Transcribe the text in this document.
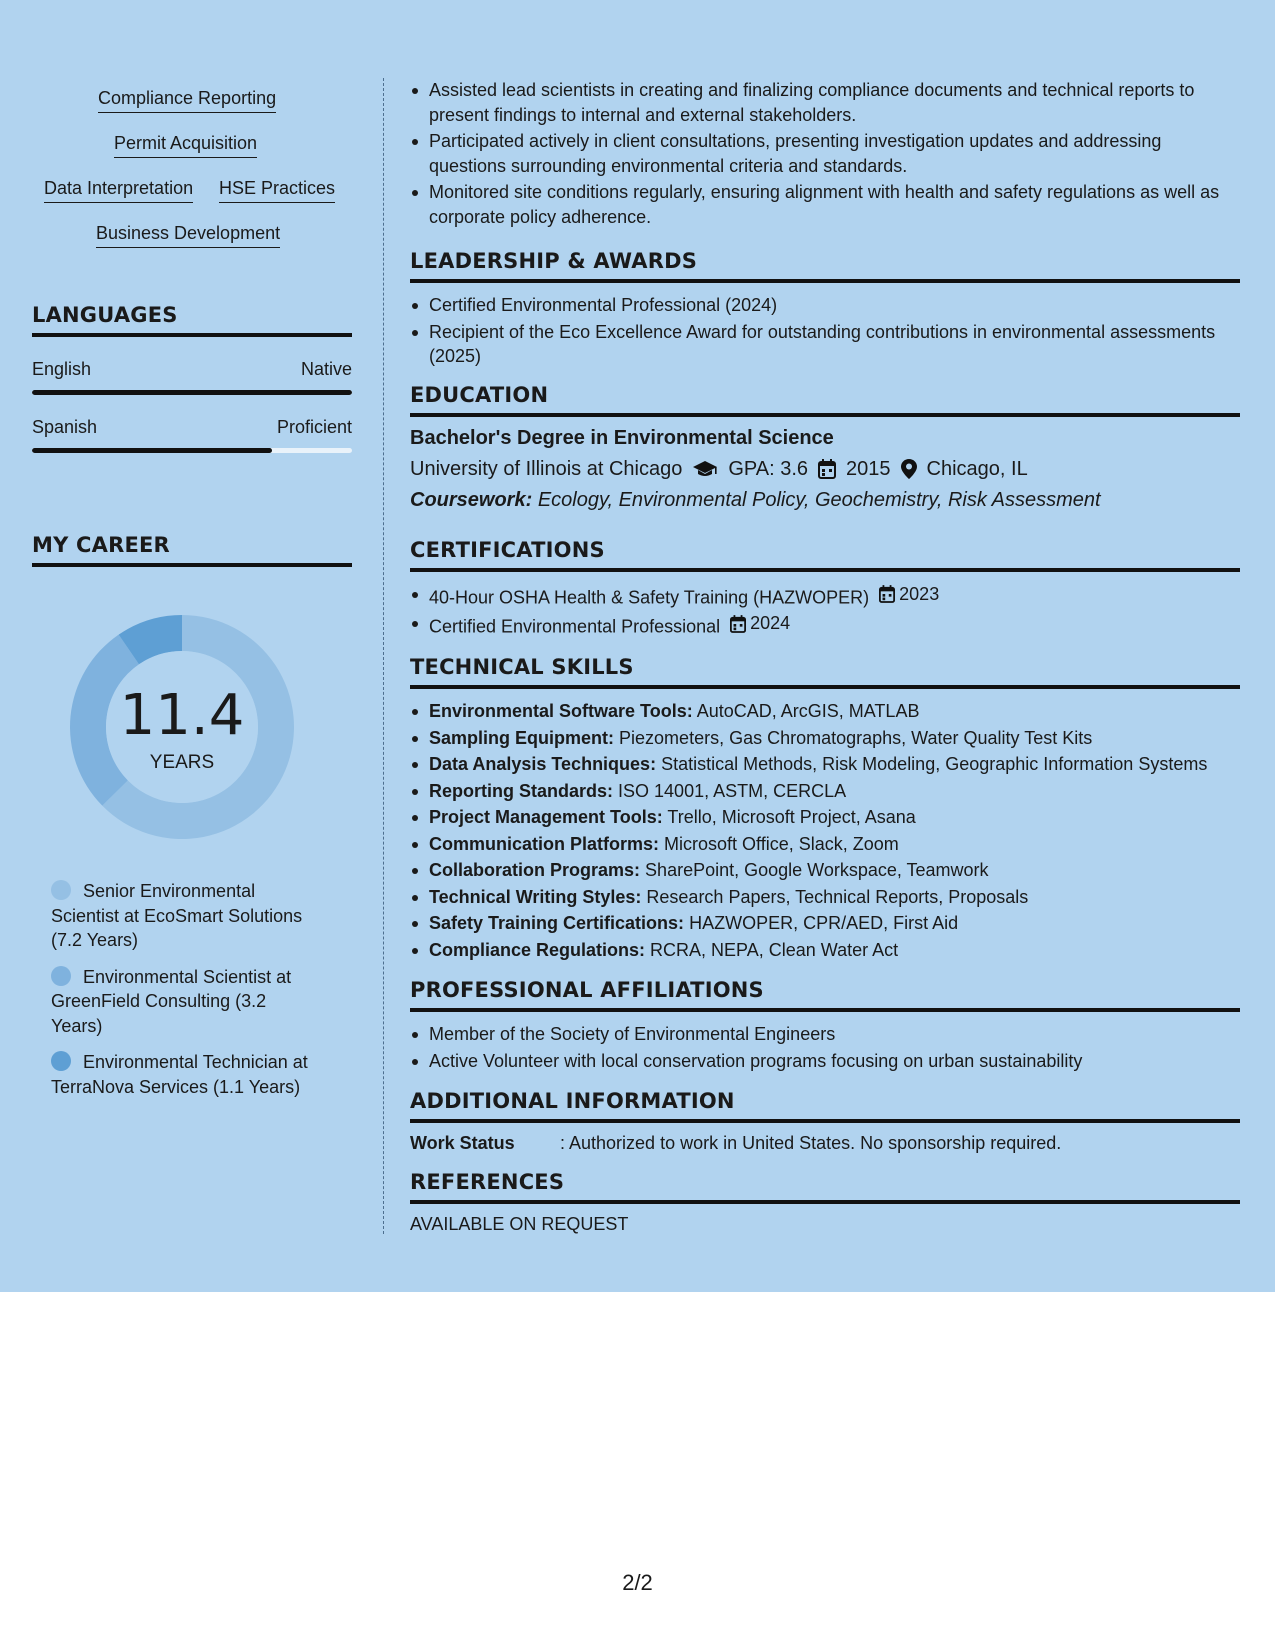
Compliance Reporting
Permit Acquisition
Data Interpretation HSE Practices
Business Development
LANGUAGES
English	Native
Spanish	Proficient
MY CAREER
11.4
YEARS
Senior Environmental Scientist at EcoSmart Solutions (7.2 Years)
Environmental Scientist at GreenField Consulting (3.2 Years)
Environmental Technician at TerraNova Services (1.1 Years)
Assisted lead scientists in creating and finalizing compliance documents and technical reports to present findings to internal and external stakeholders.
Participated actively in client consultations, presenting investigation updates and addressing questions surrounding environmental criteria and standards.
Monitored site conditions regularly, ensuring alignment with health and safety regulations as well as corporate policy adherence.
LEADERSHIP & AWARDS
Certified Environmental Professional (2024)
Recipient of the Eco Excellence Award for outstanding contributions in environmental assessments (2025)
EDUCATION
Bachelor's Degree in Environmental Science
University of Illinois at Chicago GPA: 3.6 2015 Chicago, IL
Coursework: Ecology, Environmental Policy, Geochemistry, Risk Assessment
CERTIFICATIONS
40-Hour OSHA Health & Safety Training (HAZWOPER) 2023
Certified Environmental Professional 2024
TECHNICAL SKILLS
Environmental Software Tools: AutoCAD, ArcGIS, MATLAB
Sampling Equipment: Piezometers, Gas Chromatographs, Water Quality Test Kits
Data Analysis Techniques: Statistical Methods, Risk Modeling, Geographic Information Systems
Reporting Standards: ISO 14001, ASTM, CERCLA
Project Management Tools: Trello, Microsoft Project, Asana
Communication Platforms: Microsoft Office, Slack, Zoom
Collaboration Programs: SharePoint, Google Workspace, Teamwork
Technical Writing Styles: Research Papers, Technical Reports, Proposals
Safety Training Certifications: HAZWOPER, CPR/AED, First Aid
Compliance Regulations: RCRA, NEPA, Clean Water Act
PROFESSIONAL AFFILIATIONS
Member of the Society of Environmental Engineers
Active Volunteer with local conservation programs focusing on urban sustainability
ADDITIONAL INFORMATION
Work Status	: Authorized to work in United States. No sponsorship required.
REFERENCES
AVAILABLE ON REQUEST
2/2
